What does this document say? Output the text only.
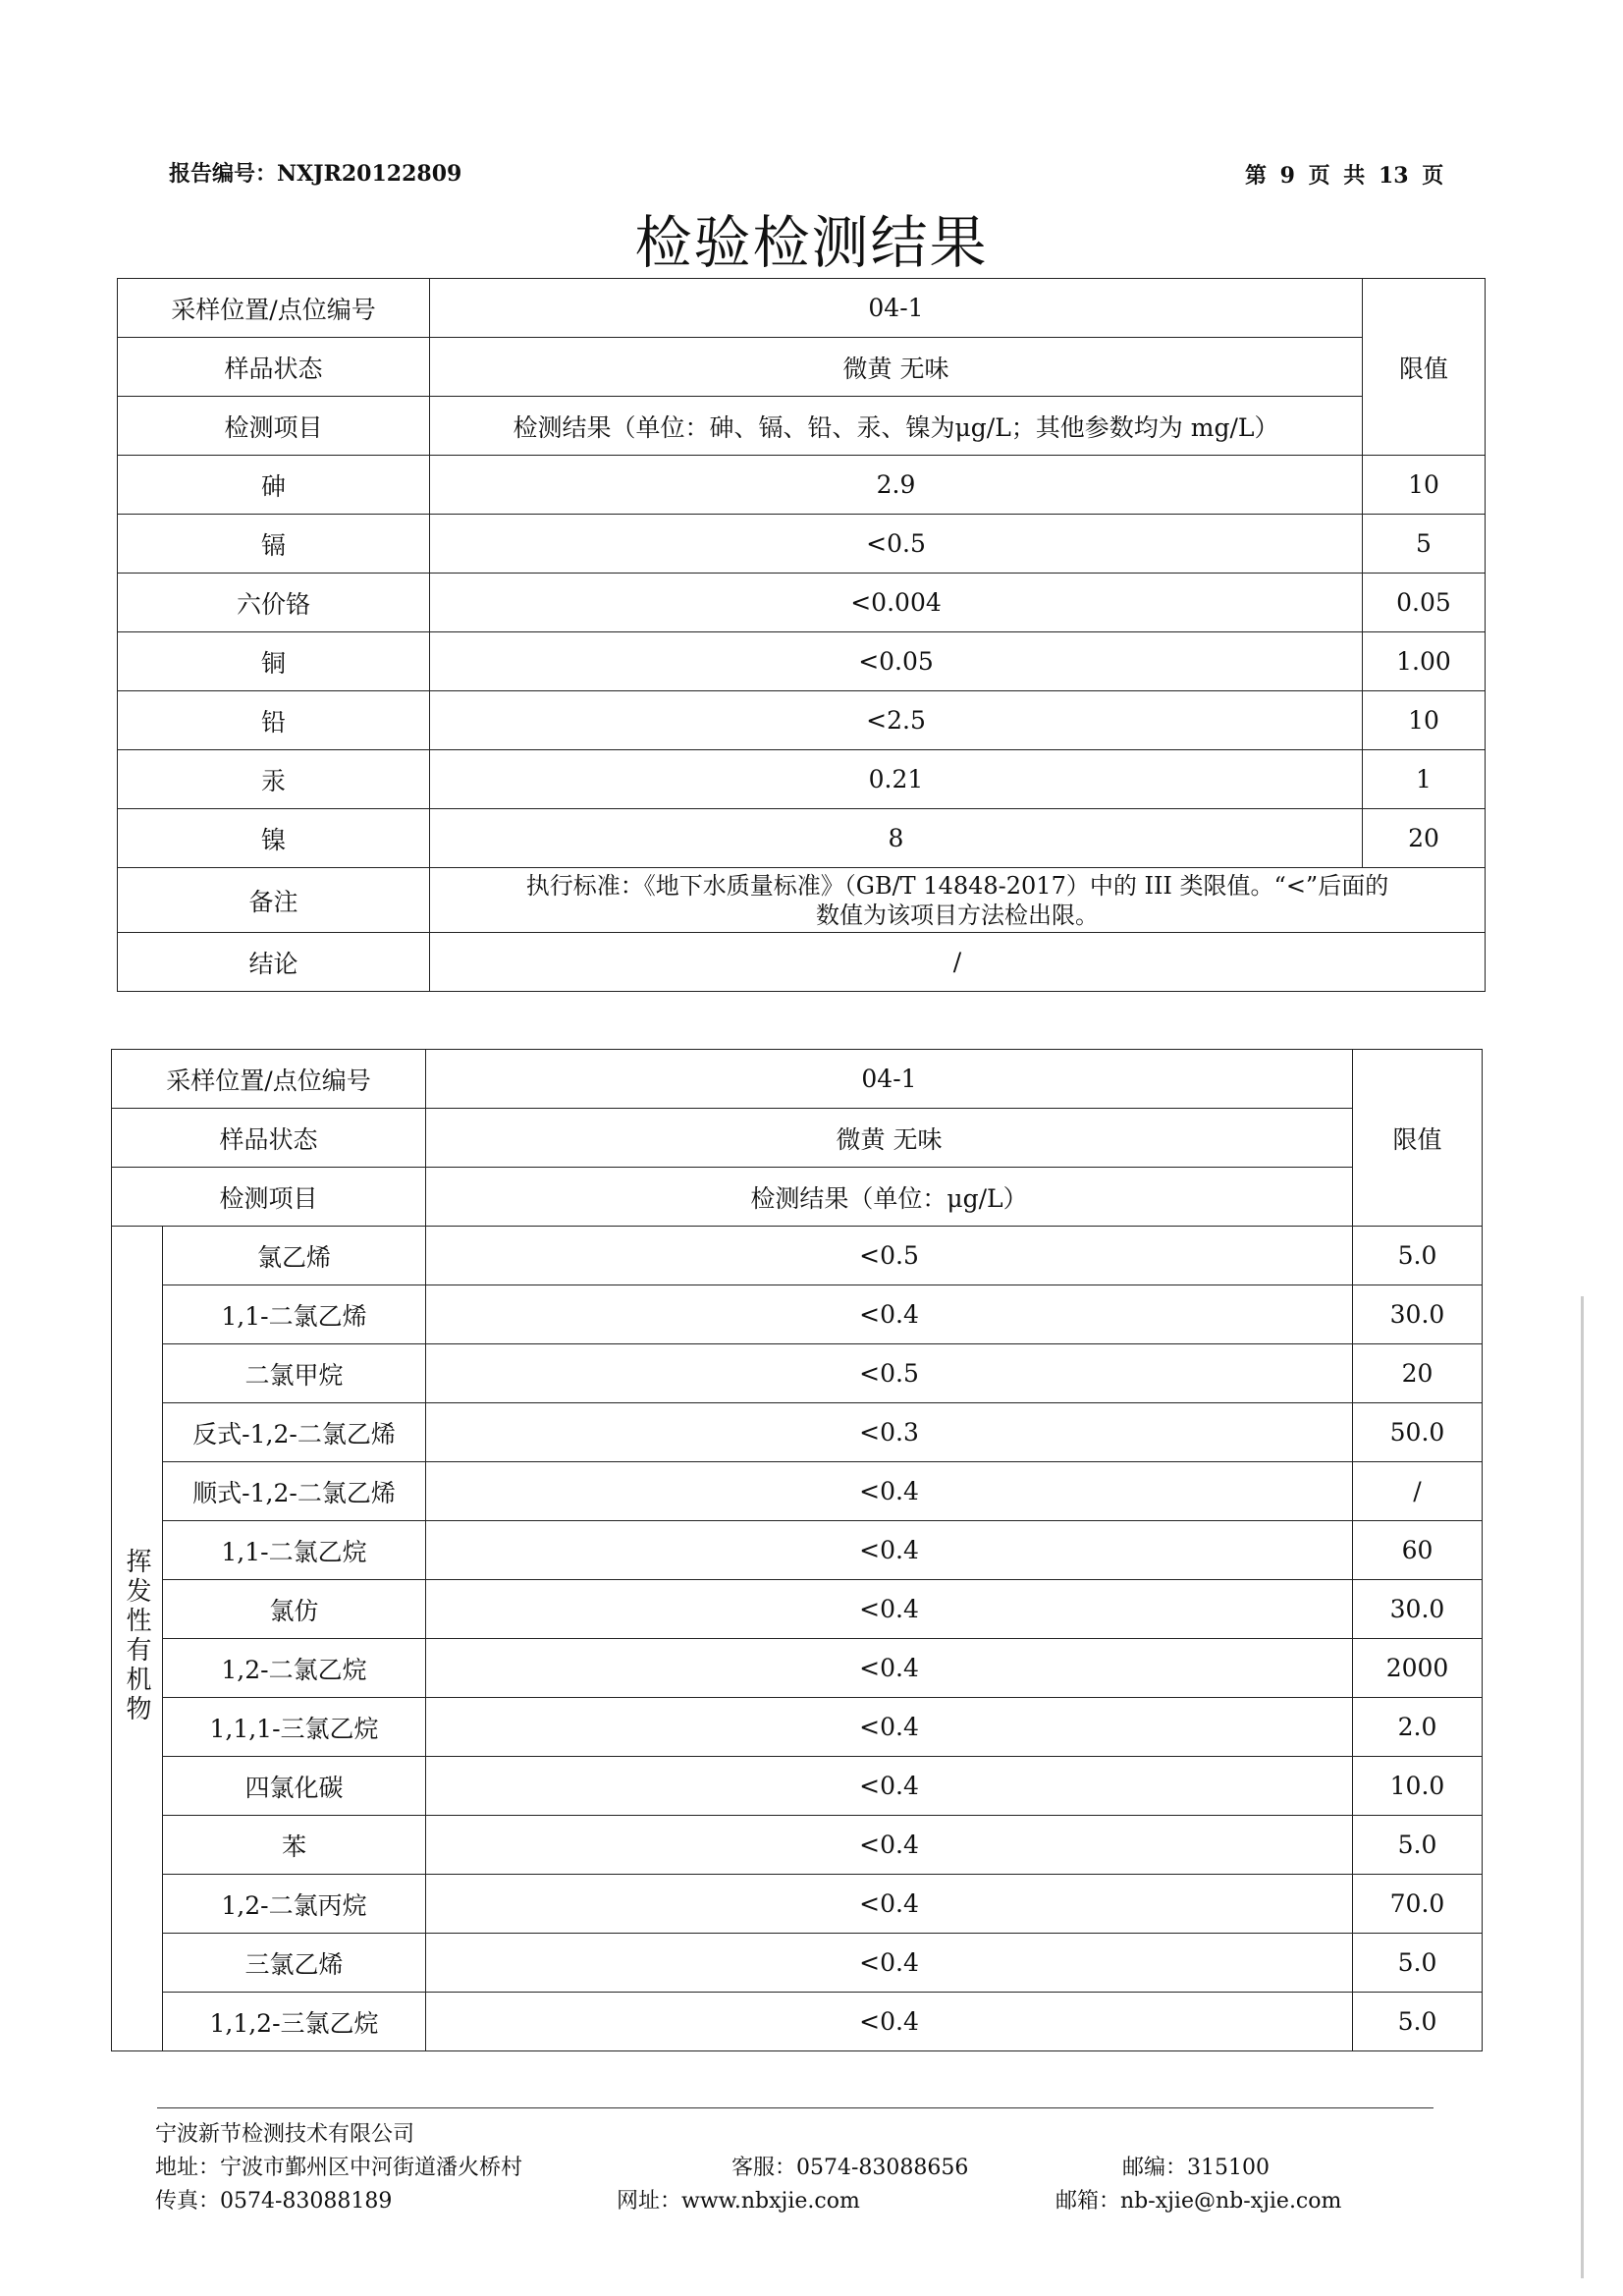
报告编号：NXJR20122809	第 9 页 共 13 页
检验检测结果
采样位置/点位编号	04-1	限值
样品状态	微黄 无味	
检测项目	检测结果（单位：砷、镉、铅、汞、镍为μg/L；其他参数均为 mg/L）	
砷	2.9	10
镉	<0.5	5
六价铬	<0.004	0.05
铜	<0.05	1.00
铅	<2.5	10
汞	0.21	1
镍	8	20
备注	执行标准：《地下水质量标准》（GB/T 14848-2017）中的 III 类限值。“<”后面的
数值为该项目方法检出限。	

结论	/	
采样位置/点位编号		04-1	限值
样品状态		微黄 无味	
检测项目		检测结果（单位：μg/L）	
挥发性有机物	氯乙烯	<0.5	5.0
	1,1-二氯乙烯	<0.4	30.0
	二氯甲烷	<0.5	20
	反式-1,2-二氯乙烯	<0.3	50.0
	顺式-1,2-二氯乙烯	<0.4	/
	1,1-二氯乙烷	<0.4	60
	氯仿	<0.4	30.0
	1,2-二氯乙烷	<0.4	2000
	1,1,1-三氯乙烷	<0.4	2.0
	四氯化碳	<0.4	10.0
	苯	<0.4	5.0
	1,2-二氯丙烷	<0.4	70.0
	三氯乙烯	<0.4	5.0
	1,1,2-三氯乙烷	<0.4	5.0
宁波新节检测技术有限公司
地址：宁波市鄞州区中河街道潘火桥村	客服：0574-83088656	邮编：315100
传真：0574-83088189	网址：www.nbxjie.com	邮箱：nb-xjie@nb-xjie.com
